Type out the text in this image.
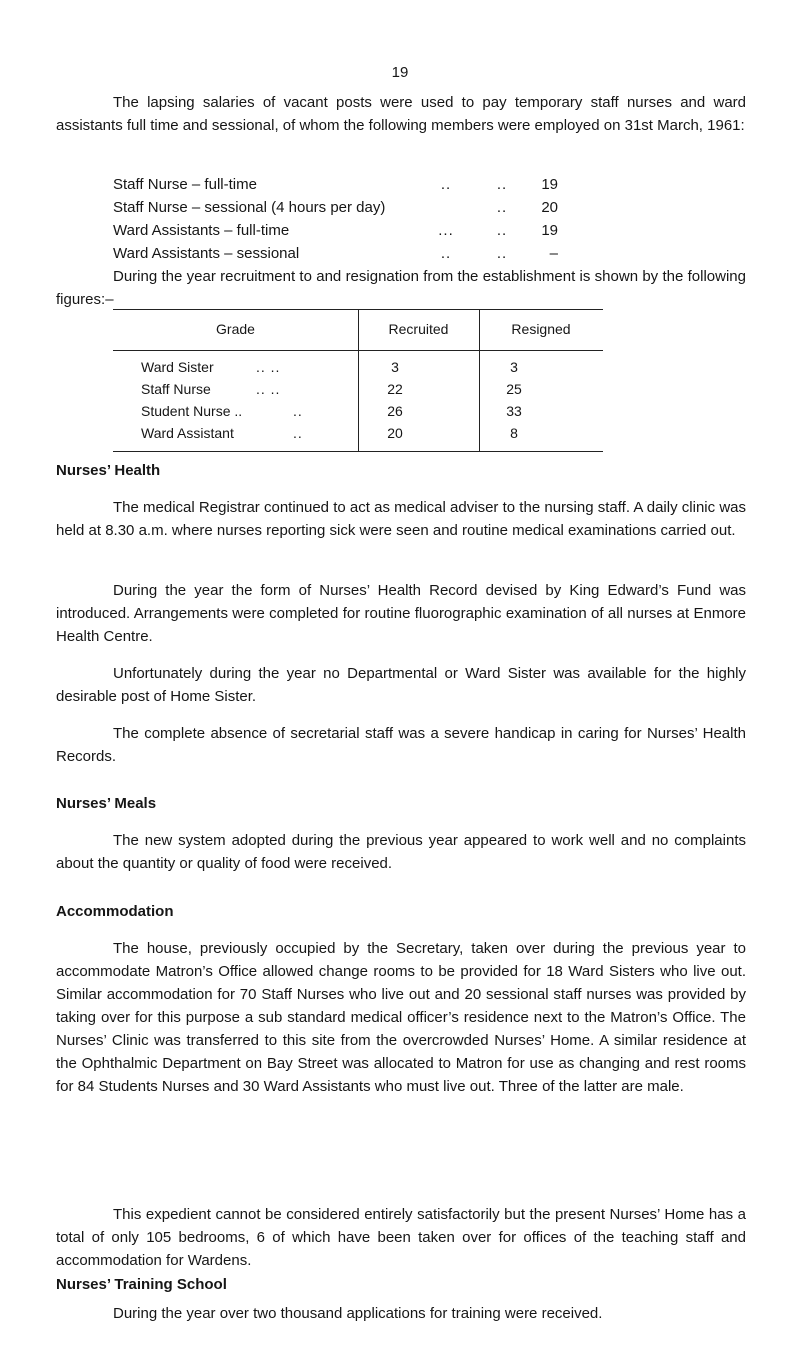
19

The lapsing salaries of vacant posts were used to pay temporary staff nurses and ward assistants full time and sessional, of whom the following members were employed on 31st March, 1961:

Staff Nurse – full-time	..	..	19
Staff Nurse – sessional (4 hours per day)	..	20
Ward Assistants – full-time	...	..	19
Ward Assistants – sessional	..	..	–

During the year recruitment to and resignation from the establishment is shown by the following figures:–

Grade	Recruited	Resigned
Ward Sister	.. ..	3	3
Staff Nurse	.. ..	22	25
Student Nurse ..	..	26	33
Ward Assistant	..	20	8
Nurses’ Health

The medical Registrar continued to act as medical adviser to the nursing staff. A daily clinic was held at 8.30 a.m. where nurses reporting sick were seen and routine medical examinations carried out.

During the year the form of Nurses’ Health Record devised by King Edward’s Fund was introduced. Arrangements were completed for routine fluorographic examination of all nurses at Enmore Health Centre.

Unfortunately during the year no Departmental or Ward Sister was available for the highly desirable post of Home Sister.

The complete absence of secretarial staff was a severe handicap in caring for Nurses’ Health Records.

Nurses’ Meals

The new system adopted during the previous year appeared to work well and no complaints about the quantity or quality of food were received.

Accommodation

The house, previously occupied by the Secretary, taken over during the previous year to accommodate Matron’s Office allowed change rooms to be provided for 18 Ward Sisters who live out. Similar accommodation for 70 Staff Nurses who live out and 20 sessional staff nurses was provided by taking over for this purpose a sub standard medical officer’s residence next to the Matron’s Office. The Nurses’ Clinic was transferred to this site from the overcrowded Nurses’ Home. A similar residence at the Ophthalmic Department on Bay Street was allocated to Matron for use as changing and rest rooms for 84 Students Nurses and 30 Ward Assistants who must live out. Three of the latter are male.

This expedient cannot be considered entirely satisfactorily but the present Nurses’ Home has a total of only 105 bedrooms, 6 of which have been taken over for offices of the teaching staff and accommodation for Wardens.

Nurses’ Training School

During the year over two thousand applications for training were received.
